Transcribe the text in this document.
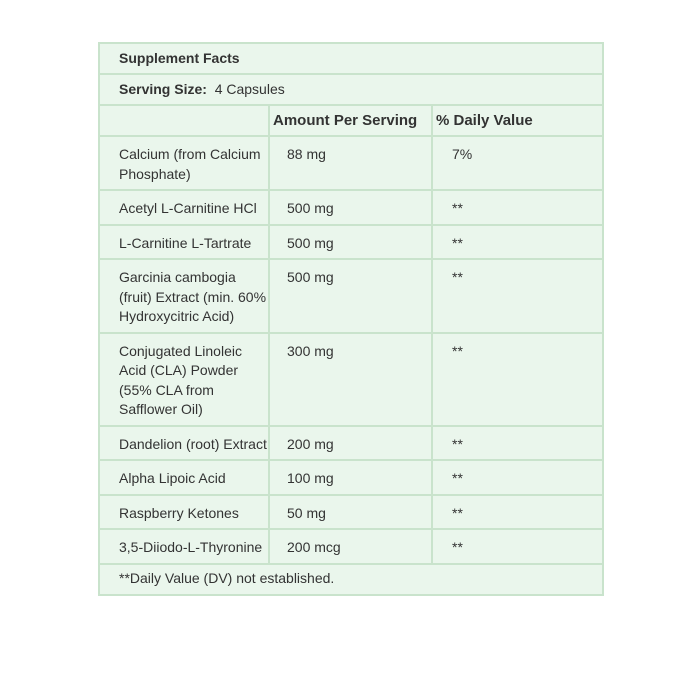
Supplement Facts		
Serving Size: 4 Capsules		
	Amount Per Serving	% Daily Value
Calcium (from Calcium Phosphate)	88 mg	7%
Acetyl L-Carnitine HCl	500 mg	**
L-Carnitine L-Tartrate	500 mg	**
Garcinia cambogia (fruit) Extract (min. 60% Hydroxycitric Acid)	500 mg	**
Conjugated Linoleic Acid (CLA) Powder (55% CLA from Safflower Oil)	300 mg	**
Dandelion (root) Extract	200 mg	**
Alpha Lipoic Acid	100 mg	**
Raspberry Ketones	50 mg	**
3,5-Diiodo-L-Thyronine	200 mcg	**
**Daily Value (DV) not established.		
